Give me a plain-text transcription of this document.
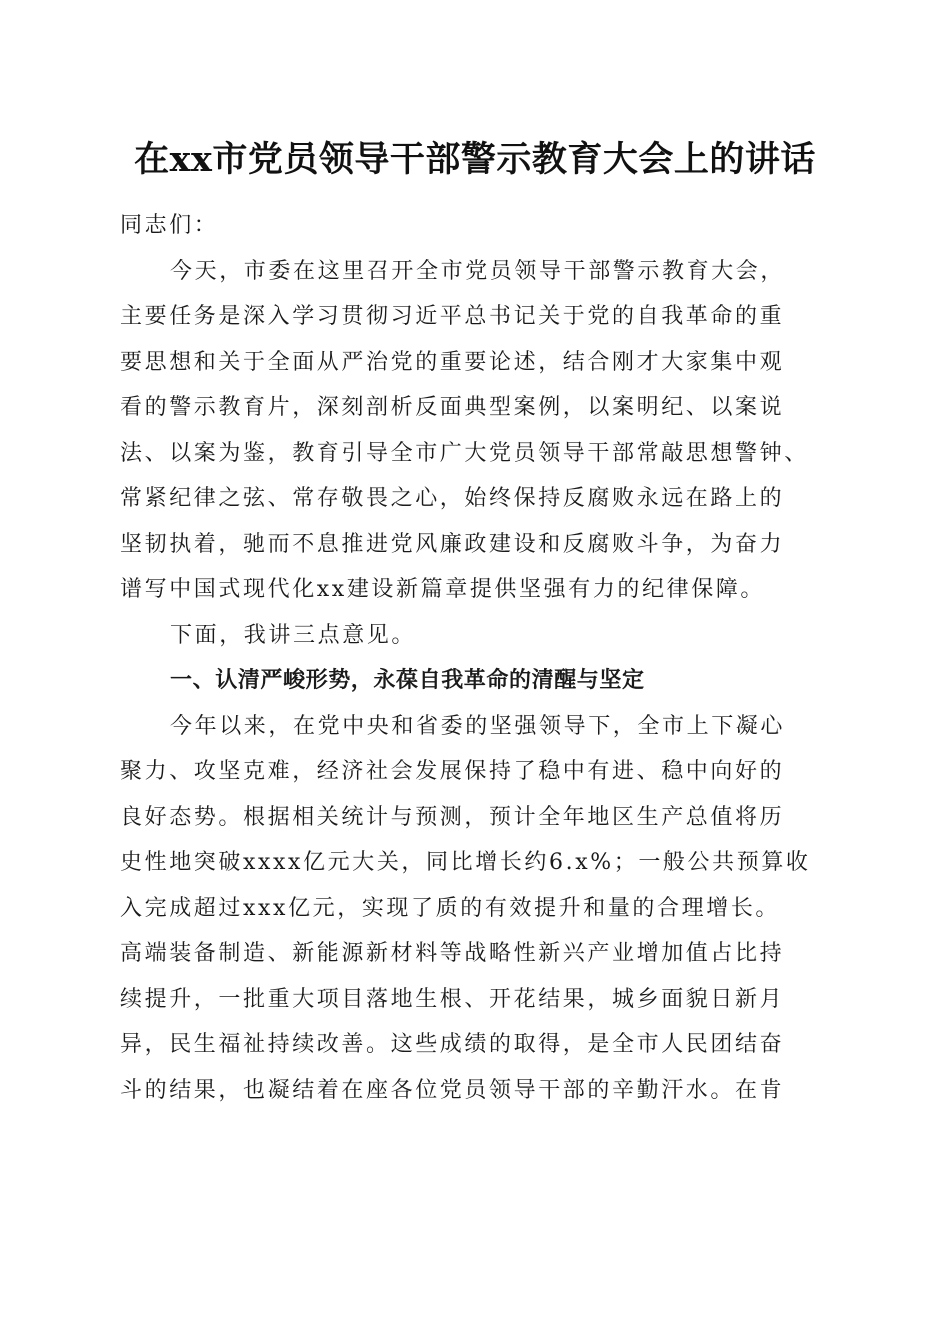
在xx市党员领导干部警示教育大会上的讲话
同志们：
今天，市委在这里召开全市党员领导干部警示教育大会，
主要任务是深入学习贯彻习近平总书记关于党的自我革命的重
要思想和关于全面从严治党的重要论述，结合刚才大家集中观
看的警示教育片，深刻剖析反面典型案例，以案明纪、以案说
法、以案为鉴，教育引导全市广大党员领导干部常敲思想警钟、
常紧纪律之弦、常存敬畏之心，始终保持反腐败永远在路上的
坚韧执着，驰而不息推进党风廉政建设和反腐败斗争，为奋力
谱写中国式现代化xx建设新篇章提供坚强有力的纪律保障。
下面，我讲三点意见。
一、认清严峻形势，永葆自我革命的清醒与坚定
今年以来，在党中央和省委的坚强领导下，全市上下凝心
聚力、攻坚克难，经济社会发展保持了稳中有进、稳中向好的
良好态势。根据相关统计与预测，预计全年地区生产总值将历
史性地突破xxxx亿元大关，同比增长约6.x%；一般公共预算收
入完成超过xxx亿元，实现了质的有效提升和量的合理增长。
高端装备制造、新能源新材料等战略性新兴产业增加值占比持
续提升，一批重大项目落地生根、开花结果，城乡面貌日新月
异，民生福祉持续改善。这些成绩的取得，是全市人民团结奋
斗的结果，也凝结着在座各位党员领导干部的辛勤汗水。在肯
